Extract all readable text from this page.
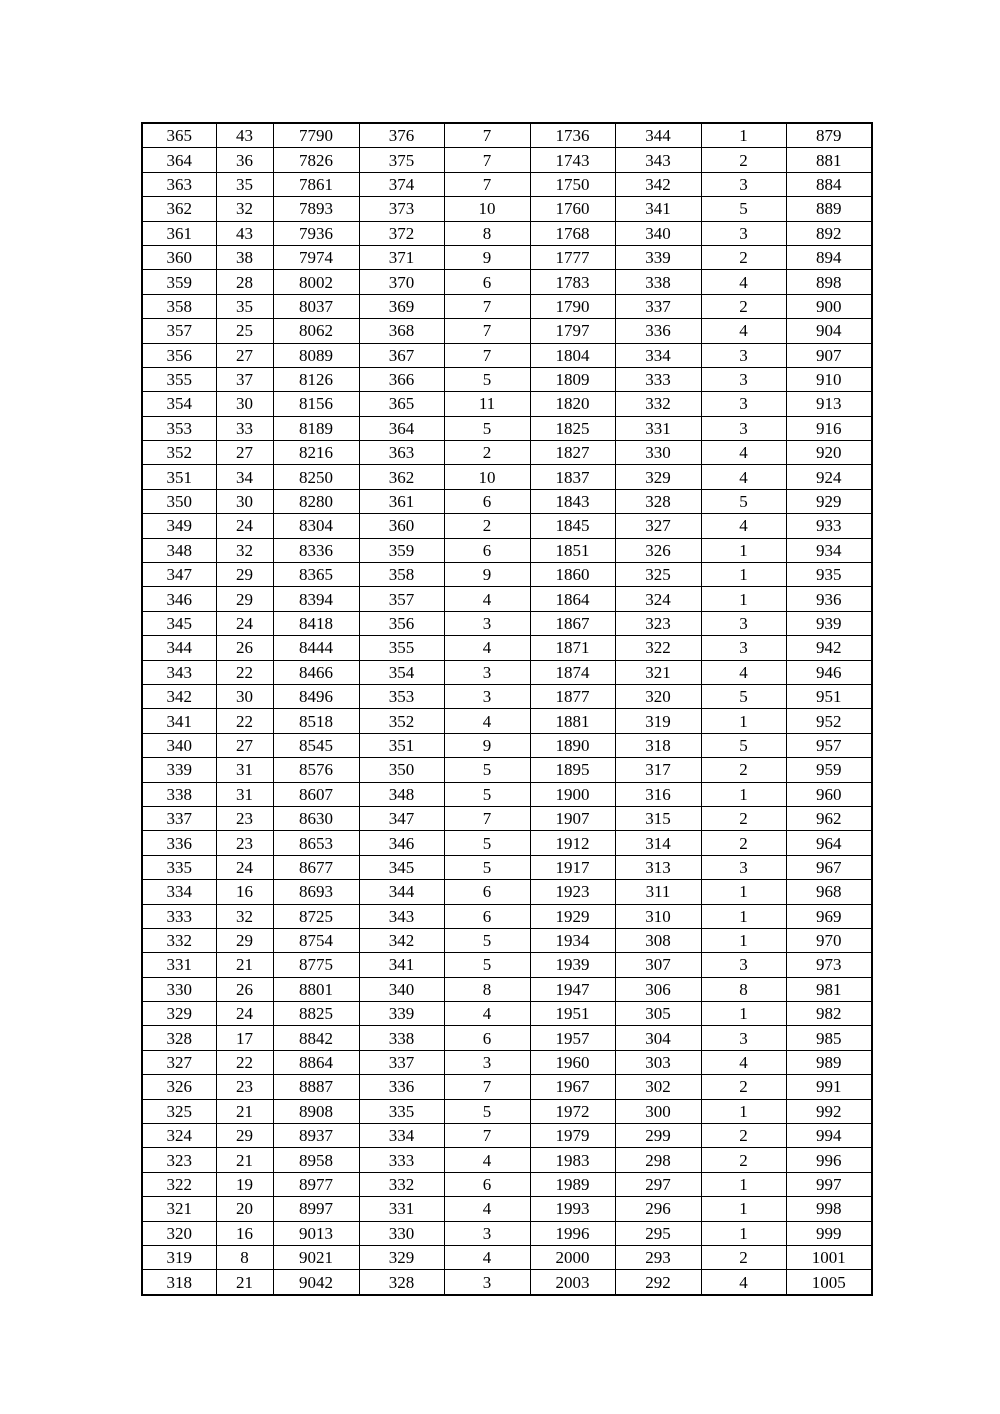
365	43	7790	376	7	1736	344	1	879
364	36	7826	375	7	1743	343	2	881
363	35	7861	374	7	1750	342	3	884
362	32	7893	373	10	1760	341	5	889
361	43	7936	372	8	1768	340	3	892
360	38	7974	371	9	1777	339	2	894
359	28	8002	370	6	1783	338	4	898
358	35	8037	369	7	1790	337	2	900
357	25	8062	368	7	1797	336	4	904
356	27	8089	367	7	1804	334	3	907
355	37	8126	366	5	1809	333	3	910
354	30	8156	365	11	1820	332	3	913
353	33	8189	364	5	1825	331	3	916
352	27	8216	363	2	1827	330	4	920
351	34	8250	362	10	1837	329	4	924
350	30	8280	361	6	1843	328	5	929
349	24	8304	360	2	1845	327	4	933
348	32	8336	359	6	1851	326	1	934
347	29	8365	358	9	1860	325	1	935
346	29	8394	357	4	1864	324	1	936
345	24	8418	356	3	1867	323	3	939
344	26	8444	355	4	1871	322	3	942
343	22	8466	354	3	1874	321	4	946
342	30	8496	353	3	1877	320	5	951
341	22	8518	352	4	1881	319	1	952
340	27	8545	351	9	1890	318	5	957
339	31	8576	350	5	1895	317	2	959
338	31	8607	348	5	1900	316	1	960
337	23	8630	347	7	1907	315	2	962
336	23	8653	346	5	1912	314	2	964
335	24	8677	345	5	1917	313	3	967
334	16	8693	344	6	1923	311	1	968
333	32	8725	343	6	1929	310	1	969
332	29	8754	342	5	1934	308	1	970
331	21	8775	341	5	1939	307	3	973
330	26	8801	340	8	1947	306	8	981
329	24	8825	339	4	1951	305	1	982
328	17	8842	338	6	1957	304	3	985
327	22	8864	337	3	1960	303	4	989
326	23	8887	336	7	1967	302	2	991
325	21	8908	335	5	1972	300	1	992
324	29	8937	334	7	1979	299	2	994
323	21	8958	333	4	1983	298	2	996
322	19	8977	332	6	1989	297	1	997
321	20	8997	331	4	1993	296	1	998
320	16	9013	330	3	1996	295	1	999
319	8	9021	329	4	2000	293	2	1001
318	21	9042	328	3	2003	292	4	1005
